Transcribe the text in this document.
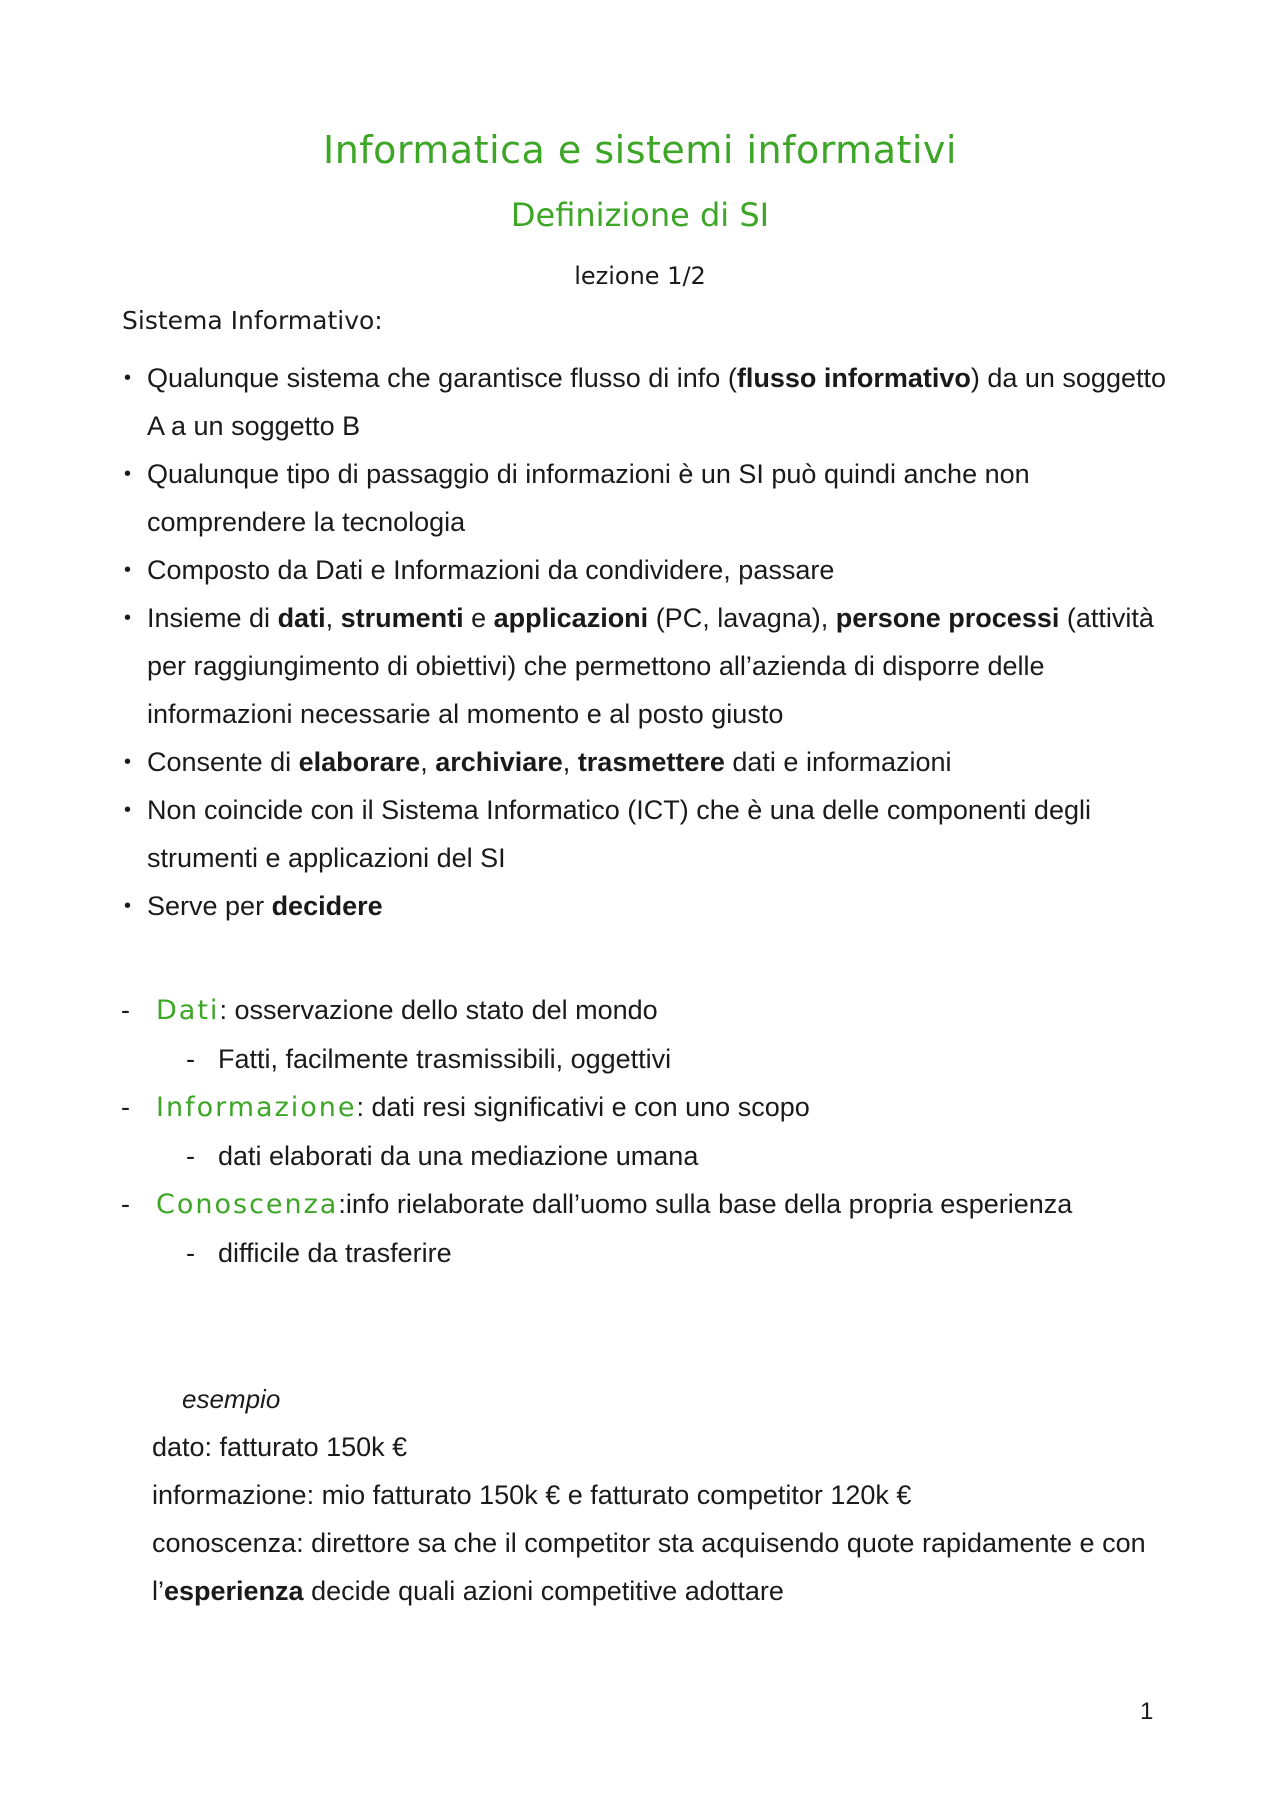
Informatica e sistemi informativi
Definizione di SI
lezione 1/2
Sistema Informativo:
• Qualunque sistema che garantisce flusso di info (flusso informativo) da un soggetto A a un soggetto B
• Qualunque tipo di passaggio di informazioni è un SI può quindi anche non comprendere la tecnologia
• Composto da Dati e Informazioni da condividere, passare
• Insieme di dati, strumenti e applicazioni (PC, lavagna), persone processi (attività per raggiungimento di obiettivi) che permettono all’azienda di disporre delle informazioni necessarie al momento e al posto giusto
• Consente di elaborare, archiviare, trasmettere dati e informazioni
• Non coincide con il Sistema Informatico (ICT) che è una delle componenti degli strumenti e applicazioni del SI
• Serve per decidere
- Dati: osservazione dello stato del mondo
- Fatti, facilmente trasmissibili, oggettivi
- Informazione: dati resi significativi e con uno scopo
- dati elaborati da una mediazione umana
- Conoscenza:info rielaborate dall’uomo sulla base della propria esperienza
- difficile da trasferire
esempio
dato: fatturato 150k €
informazione: mio fatturato 150k € e fatturato competitor 120k €
conoscenza: direttore sa che il competitor sta acquisendo quote rapidamente e con l’esperienza decide quali azioni competitive adottare
1
